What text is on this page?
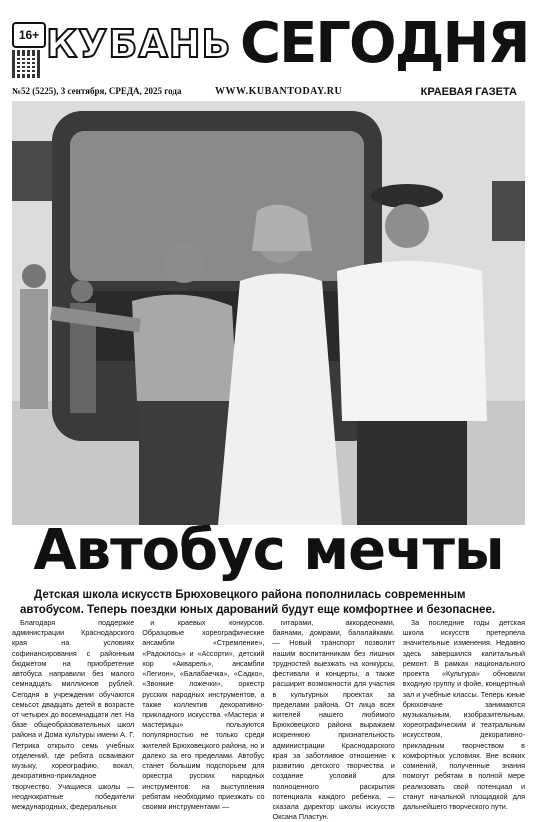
16+ КУБАНЬ СЕГОДНЯ
№52 (5225), 3 сентября, СРЕДА, 2025 года	WWW.KUBANTODAY.RU	КРАЕВАЯ ГАЗЕТА
Автобус мечты
Детская школа искусств Брюховецкого района пополнилась современным автобусом. Теперь поездки юных дарований будут еще комфортнее и безопаснее.

Благодаря поддержке администрации Краснодарского края на условиях софинансирования с районным бюджетом на приобретение автобуса направили без малого семнадцать миллионов рублей. Сегодня в учреждении обучаются семьсот двадцать детей в возрасте от четырех до восемнадцати лет. На базе общеобразовательных школ района и Дома культуры имени А. Г. Петрика открыто семь учебных отделений, где ребята осваивают музыку, хореографию, вокал, декоративно-прикладное творчество. Учащиеся школы — неоднократные победители международных, федеральных

и краевых конкурсов. Образцовые хореографические ансамбли «Стремление», «Радоклось» и «Ассорти», детский хор «Акварель», ансамбли «Легион», «Балабаечка», «Садко», «Звонкие ложечки», оркестр русских народных инструментов, а также коллектив декоративно-прикладного искусства «Мастера и мастерицы» пользуются популярностью не только среди жителей Брюховецкого района, но и далеко за его пределами. Автобус станет большим подспорьем для оркестра русских народных инструментов: на выступления ребятам необходимо приезжать со своими инструментами —

гитарами, аккордеонами, баянами, домрами, балалайками. — Новый транспорт позволит нашим воспитанникам без лишних трудностей выезжать на конкурсы, фестивали и концерты, а также расширит возможности для участия в культурных проектах за пределами района. От лица всех жителей нашего любимого Брюховецкого района выражаем искреннюю признательность администрации Краснодарского края за заботливое отношение к развитию детского творчества и создание условий для полноценного раскрытия потенциала каждого ребенка, — сказала директор школы искусств Оксана Пластун.

За последние годы детская школа искусств претерпела значительные изменения. Недавно здесь завершился капитальный ремонт. В рамках национального проекта «Культура» обновили входную группу и фойе, концертный зал и учебные классы. Теперь юные брюховчане занимаются музыкальным, изобразительным, хореографическим и театральным искусством, декоративно-прикладным творчеством в комфортных условиях. Вне всяких сомнений, полученные знания помогут ребятам в полной мере реализовать свой потенциал и станут начальной площадкой для дальнейшего творческого пути.
